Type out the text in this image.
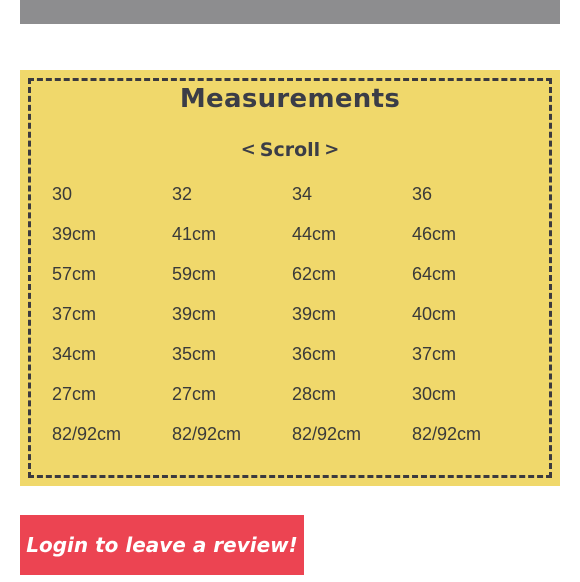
Measurements
< Scroll >
30	32	34	36
39cm	41cm	44cm	46cm
57cm	59cm	62cm	64cm
37cm	39cm	39cm	40cm
34cm	35cm	36cm	37cm
27cm	27cm	28cm	30cm
82/92cm	82/92cm	82/92cm	82/92cm
Login to leave a review!
